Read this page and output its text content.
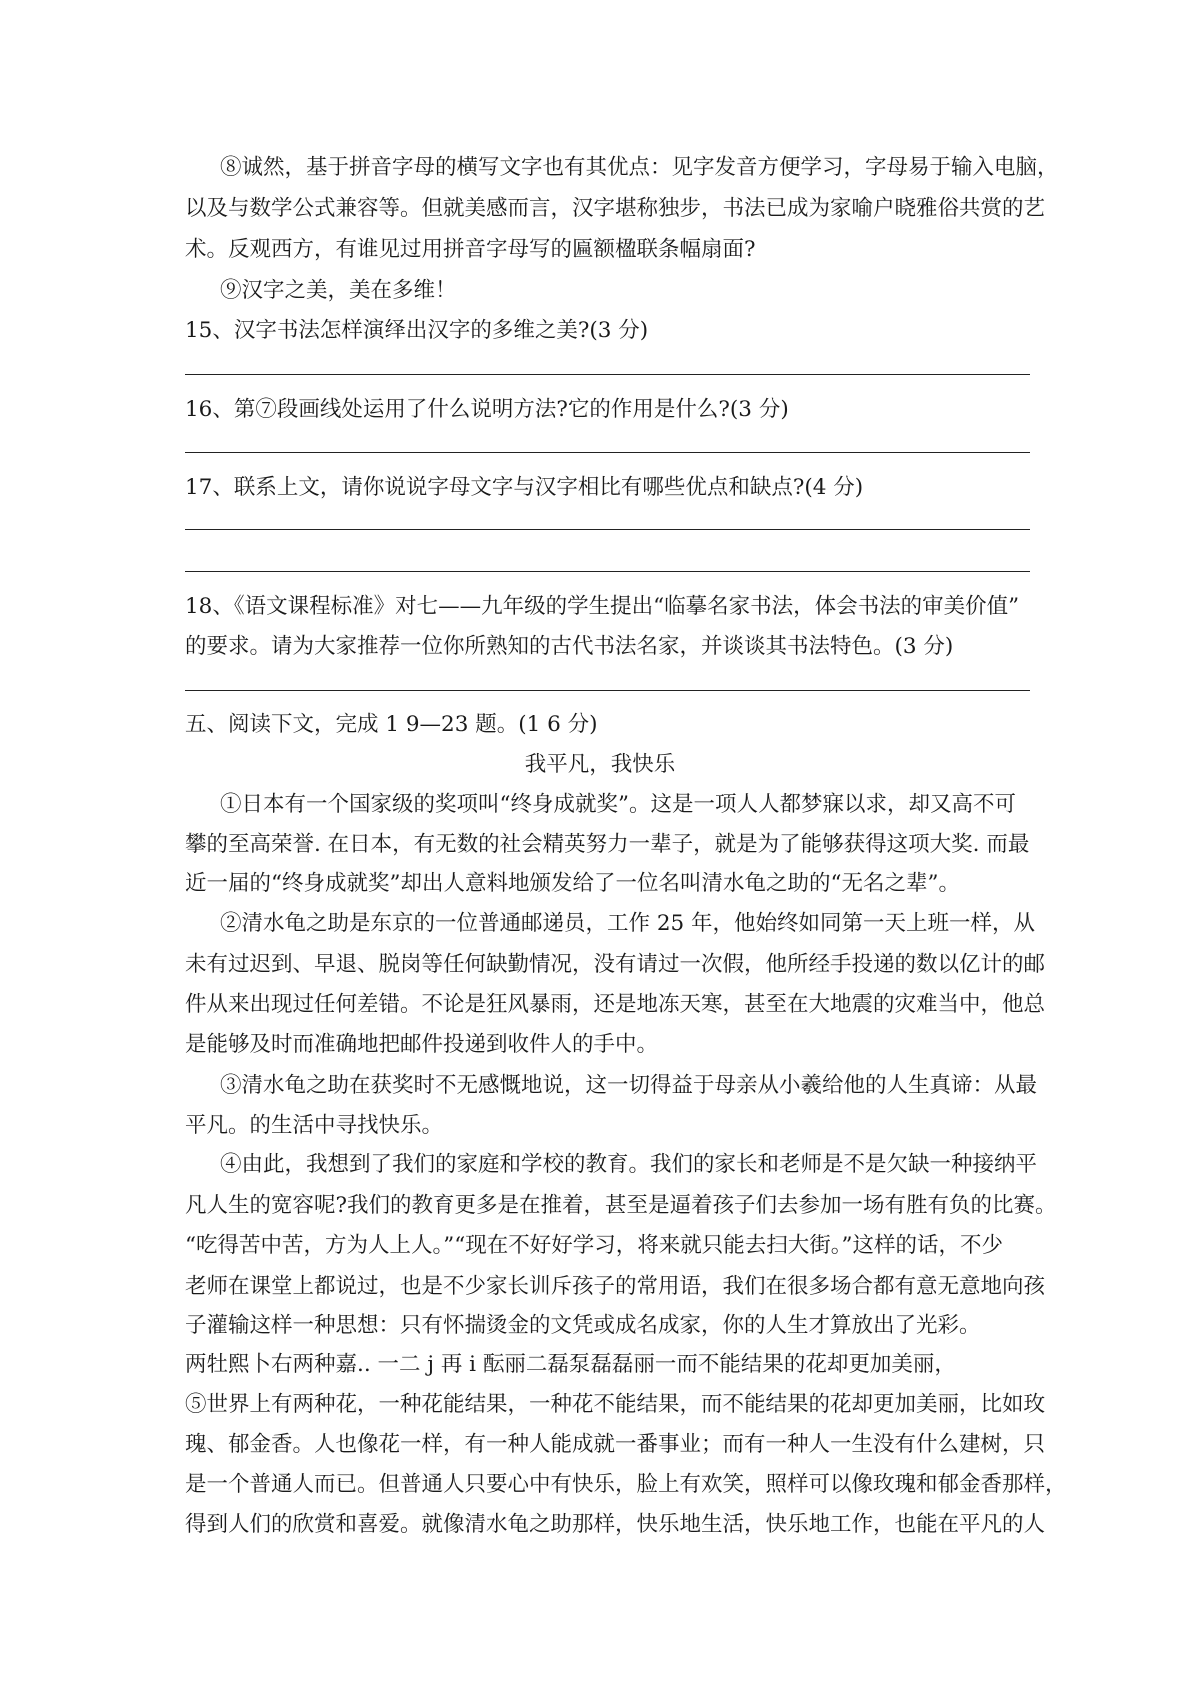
⑧诚然，基于拼音字母的横写文字也有其优点：见字发音方便学习，字母易于输入电脑，
以及与数学公式兼容等。但就美感而言，汉字堪称独步，书法已成为家喻户晓雅俗共赏的艺
术。反观西方，有谁见过用拼音字母写的匾额楹联条幅扇面?
⑨汉字之美，美在多维！
15、汉字书法怎样演绎出汉字的多维之美?(3 分)
16、第⑦段画线处运用了什么说明方法?它的作用是什么?(3 分)
17、联系上文，请你说说字母文字与汉字相比有哪些优点和缺点?(4 分)
18、《语文课程标准》对七——九年级的学生提出“临摹名家书法，体会书法的审美价值”
的要求。请为大家推荐一位你所熟知的古代书法名家，并谈谈其书法特色。(3 分)
五、阅读下文，完成 1 9—23 题。(1 6 分)
我平凡，我快乐
①日本有一个国家级的奖项叫“终身成就奖”。这是一项人人都梦寐以求，却又高不可
攀的至高荣誉. 在日本，有无数的社会精英努力一辈子，就是为了能够获得这项大奖. 而最
近一届的“终身成就奖”却出人意料地颁发给了一位名叫清水龟之助的“无名之辈”。
②清水龟之助是东京的一位普通邮递员，工作 25 年，他始终如同第一天上班一样，从
未有过迟到、早退、脱岗等任何缺勤情况，没有请过一次假，他所经手投递的数以亿计的邮
件从来出现过任何差错。不论是狂风暴雨，还是地冻天寒，甚至在大地震的灾难当中，他总
是能够及时而准确地把邮件投递到收件人的手中。
③清水龟之助在获奖时不无感慨地说，这一切得益于母亲从小羲给他的人生真谛：从最
平凡。的生活中寻找快乐。
④由此，我想到了我们的家庭和学校的教育。我们的家长和老师是不是欠缺一种接纳平
凡人生的宽容呢?我们的教育更多是在推着，甚至是逼着孩子们去参加一场有胜有负的比赛。
“吃得苦中苦，方为人上人。”“现在不好好学习，将来就只能去扫大街。”这样的话，不少
老师在课堂上都说过，也是不少家长训斥孩子的常用语，我们在很多场合都有意无意地向孩
子灌输这样一种思想：只有怀揣烫金的文凭或成名成家，你的人生才算放出了光彩。
两牡熙卜右两种嘉.. 一二 j 再 i 酝丽二磊泵磊磊丽一而不能结果的花却更加美丽，
⑤世界上有两种花，一种花能结果，一种花不能结果，而不能结果的花却更加美丽，比如玫
瑰、郁金香。人也像花一样，有一种人能成就一番事业；而有一种人一生没有什么建树，只
是一个普通人而已。但普通人只要心中有快乐，脸上有欢笑，照样可以像玫瑰和郁金香那样，
得到人们的欣赏和喜爱。就像清水龟之助那样，快乐地生活，快乐地工作，也能在平凡的人
